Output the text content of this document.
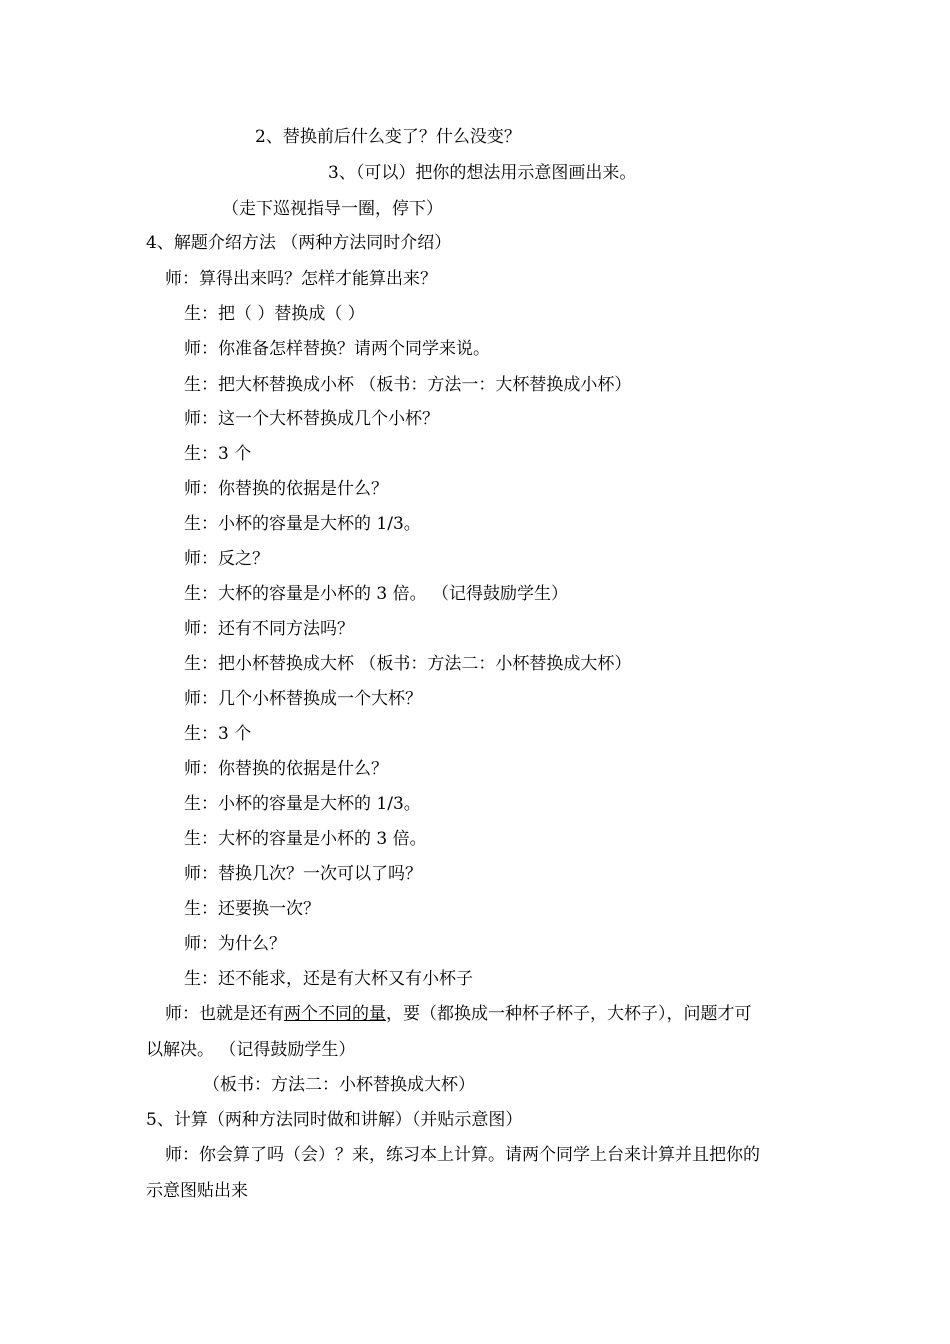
2、替换前后什么变了？什么没变？
3、（可以）把你的想法用示意图画出来。
（走下巡视指导一圈，停下）
4、解题介绍方法 （两种方法同时介绍）
师：算得出来吗？怎样才能算出来？
生：把（ ）替换成（ ）
师：你准备怎样替换？请两个同学来说。
生：把大杯替换成小杯 （板书：方法一：大杯替换成小杯）
师：这一个大杯替换成几个小杯？
生：3 个
师：你替换的依据是什么？
生：小杯的容量是大杯的 1/3。
师：反之？
生：大杯的容量是小杯的 3 倍。 （记得鼓励学生）
师：还有不同方法吗？
生：把小杯替换成大杯 （板书：方法二：小杯替换成大杯）
师：几个小杯替换成一个大杯？
生：3 个
师：你替换的依据是什么？
生：小杯的容量是大杯的 1/3。
生：大杯的容量是小杯的 3 倍。
师：替换几次？一次可以了吗？
生：还要换一次？
师：为什么？
生：还不能求，还是有大杯又有小杯子
师：也就是还有两个不同的量，要（都换成一种杯子杯子，大杯子），问题才可
以解决。 （记得鼓励学生）
（板书：方法二：小杯替换成大杯）
5、计算（两种方法同时做和讲解）（并贴示意图）
师：你会算了吗（会）？来，练习本上计算。请两个同学上台来计算并且把你的
示意图贴出来
